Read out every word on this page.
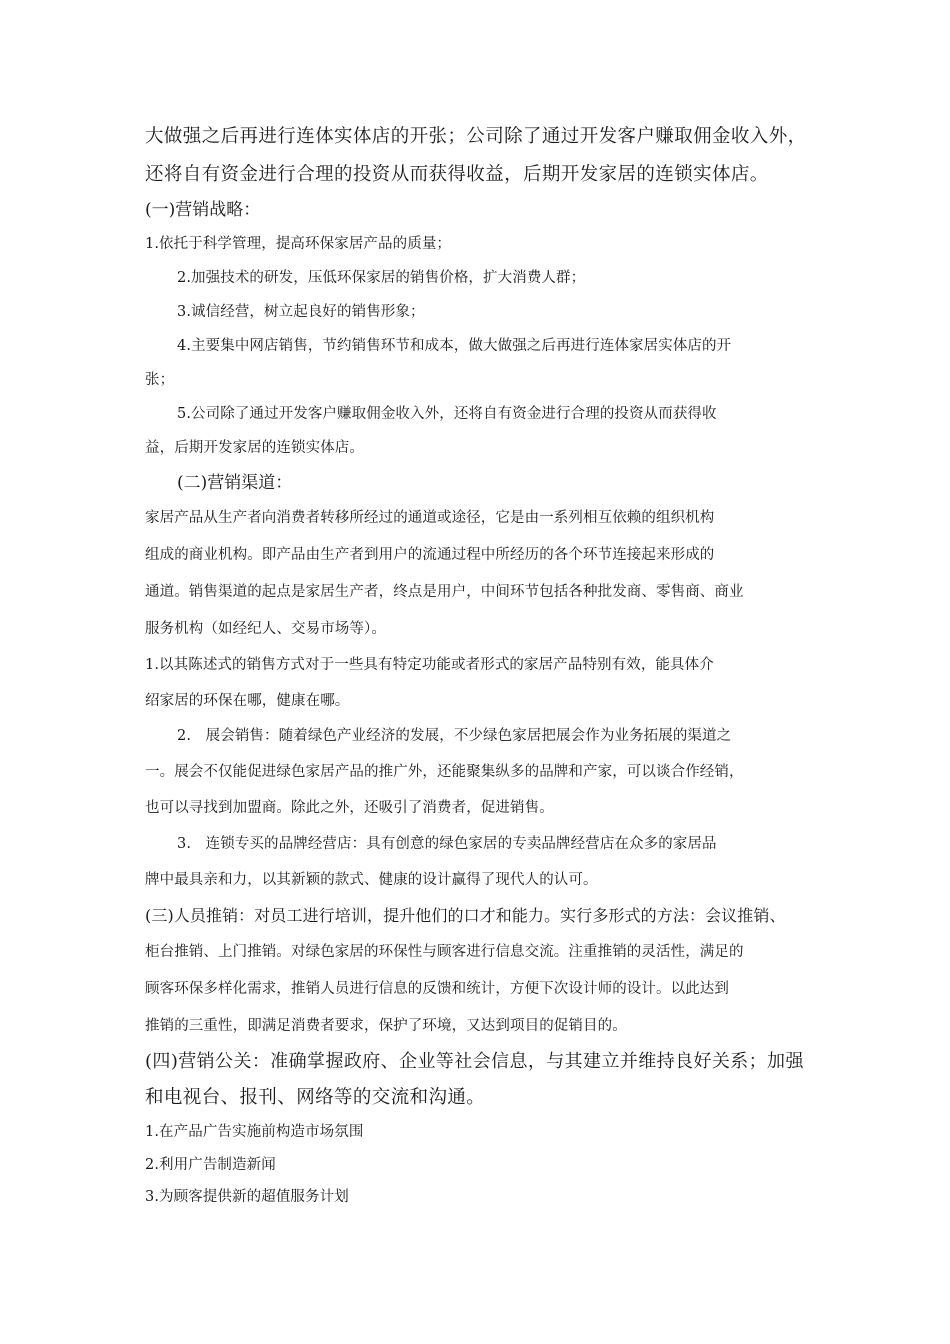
大做强之后再进行连体实体店的开张；公司除了通过开发客户赚取佣金收入外，
还将自有资金进行合理的投资从而获得收益，后期开发家居的连锁实体店。
(一)营销战略：
1.依托于科学管理，提高环保家居产品的质量；
2.加强技术的研发，压低环保家居的销售价格，扩大消费人群；
3.诚信经营，树立起良好的销售形象；
4.主要集中网店销售，节约销售环节和成本，做大做强之后再进行连体家居实体店的开
张；
5.公司除了通过开发客户赚取佣金收入外，还将自有资金进行合理的投资从而获得收
益，后期开发家居的连锁实体店。
(二)营销渠道：
家居产品从生产者向消费者转移所经过的通道或途径，它是由一系列相互依赖的组织机构
组成的商业机构。即产品由生产者到用户的流通过程中所经历的各个环节连接起来形成的
通道。销售渠道的起点是家居生产者，终点是用户，中间环节包括各种批发商、零售商、商业
服务机构（如经纪人、交易市场等）。
1.以其陈述式的销售方式对于一些具有特定功能或者形式的家居产品特别有效，能具体介
绍家居的环保在哪，健康在哪。
2.　展会销售：随着绿色产业经济的发展，不少绿色家居把展会作为业务拓展的渠道之
一。展会不仅能促进绿色家居产品的推广外，还能聚集纵多的品牌和产家，可以谈合作经销，
也可以寻找到加盟商。除此之外，还吸引了消费者，促进销售。
3.　连锁专买的品牌经营店：具有创意的绿色家居的专卖品牌经营店在众多的家居品
牌中最具亲和力，以其新颖的款式、健康的设计赢得了现代人的认可。
(三)人员推销：对员工进行培训，提升他们的口才和能力。实行多形式的方法：会议推销、
柜台推销、上门推销。对绿色家居的环保性与顾客进行信息交流。注重推销的灵活性，满足的
顾客环保多样化需求，推销人员进行信息的反馈和统计，方便下次设计师的设计。以此达到
推销的三重性，即满足消费者要求，保护了环境，又达到项目的促销目的。
(四)营销公关：准确掌握政府、企业等社会信息，与其建立并维持良好关系；加强
和电视台、报刊、网络等的交流和沟通。
1.在产品广告实施前构造市场氛围
2.利用广告制造新闻
3.为顾客提供新的超值服务计划
